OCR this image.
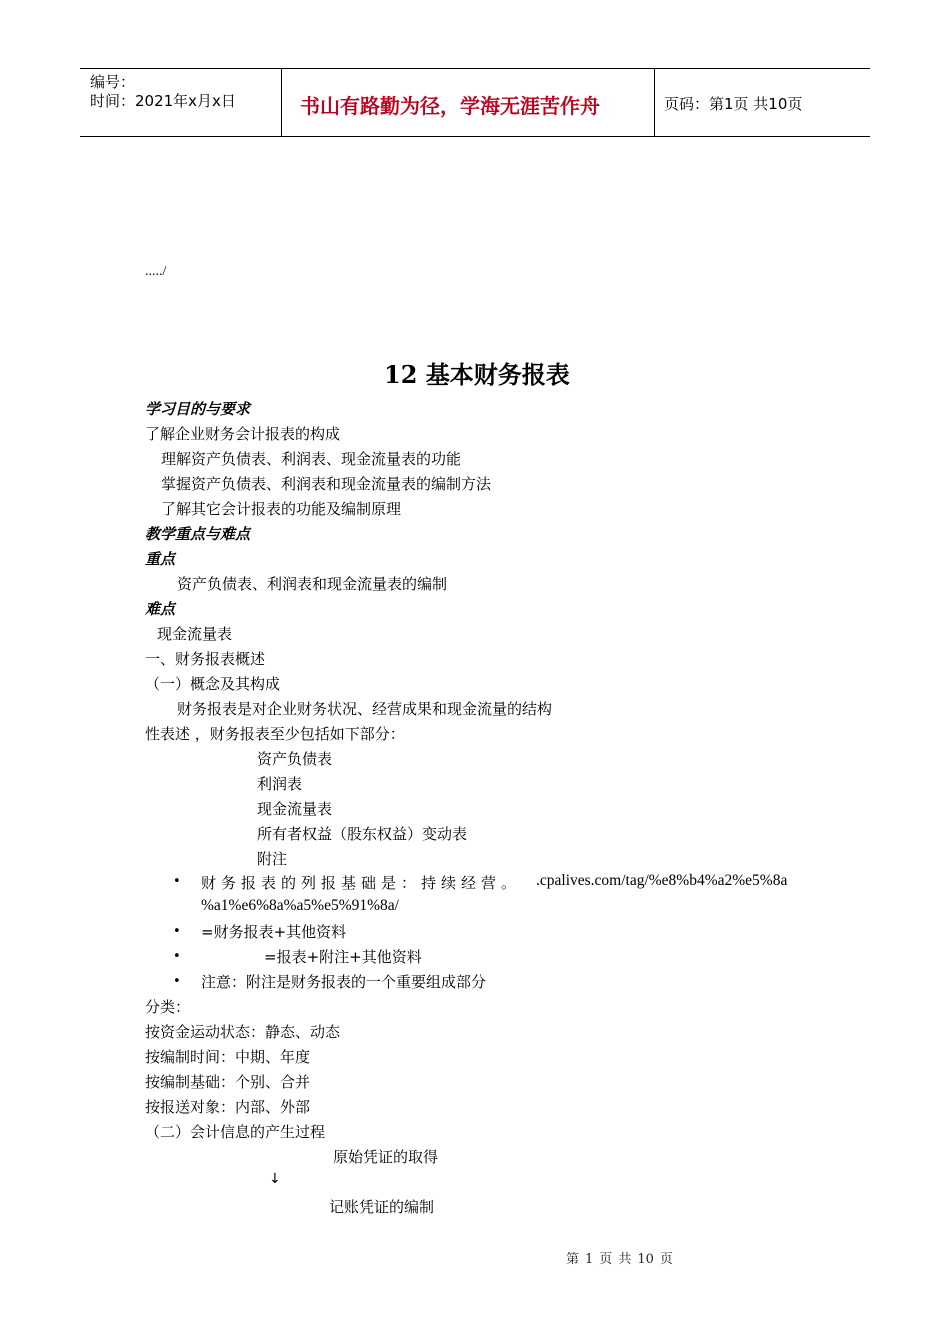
编号：
时间：2021年x月x日	书山有路勤为径，学海无涯苦作舟	页码：第1页 共10页
...../
12 基本财务报表
学习目的与要求
了解企业财务会计报表的构成
理解资产负债表、利润表、现金流量表的功能
掌握资产负债表、利润表和现金流量表的编制方法
了解其它会计报表的功能及编制原理
教学重点与难点
重点
资产负债表、利润表和现金流量表的编制
难点
现金流量表
一、财务报表概述
（一）概念及其构成
财务报表是对企业财务状况、经营成果和现金流量的结构
性表述 ，财务报表至少包括如下部分：
资产负债表
利润表
现金流量表
所有者权益（股东权益）变动表
附注
• 财务报表的列报基础是：持续经营。 .cpalives.com/tag/%e8%b4%a2%e5%8a
%a1%e6%8a%a5%e5%91%8a/
• =财务报表+其他资料
•	=报表+附注+其他资料
• 注意：附注是财务报表的一个重要组成部分
分类：
按资金运动状态：静态、动态
按编制时间：中期、年度
按编制基础：个别、合并
按报送对象：内部、外部
（二）会计信息的产生过程
原始凭证的取得
↓
记账凭证的编制
第 1 页 共 10 页
